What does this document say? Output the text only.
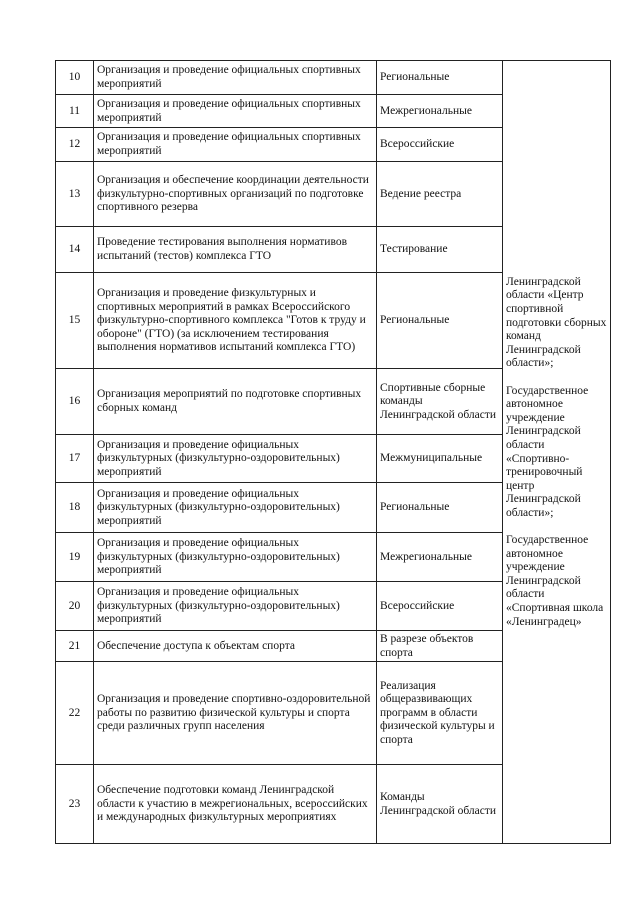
10	Организация и проведение официальных спортивных мероприятий	Региональные	Ленинградской области «Центр спортивной подготовки сборных команд Ленинградской области»;

Государственное автономное учреждение Ленинградской области «Спортивно-тренировочный центр Ленинградской области»;

Государственное автономное учреждение Ленинградской области «Спортивная школа «Ленинградец»

11	Организация и проведение официальных спортивных мероприятий	Межрегиональные	
12	Организация и проведение официальных спортивных мероприятий	Всероссийские	
13	Организация и обеспечение координации деятельности физкультурно-спортивных организаций по подготовке спортивного резерва	Ведение реестра	
14	Проведение тестирования выполнения нормативов испытаний (тестов) комплекса ГТО	Тестирование	
15	Организация и проведение физкультурных и спортивных мероприятий в рамках Всероссийского физкультурно-спортивного комплекса "Готов к труду и обороне" (ГТО) (за исключением тестирования выполнения нормативов испытаний комплекса ГТО)	Региональные	
16	Организация мероприятий по подготовке спортивных сборных команд	Спортивные сборные команды Ленинградской области	
17	Организация и проведение официальных физкультурных (физкультурно-оздоровительных) мероприятий	Межмуниципальные	
18	Организация и проведение официальных физкультурных (физкультурно-оздоровительных) мероприятий	Региональные	
19	Организация и проведение официальных физкультурных (физкультурно-оздоровительных) мероприятий	Межрегиональные	
20	Организация и проведение официальных физкультурных (физкультурно-оздоровительных) мероприятий	Всероссийские	
21	Обеспечение доступа к объектам спорта	В разрезе объектов спорта	
22	Организация и проведение спортивно-оздоровительной работы по развитию физической культуры и спорта среди различных групп населения	Реализация общеразвивающих программ в области физической культуры и спорта	
23	Обеспечение подготовки команд Ленинградской области к участию в межрегиональных, всероссийских и международных физкультурных мероприятиях	Команды Ленинградской области	
